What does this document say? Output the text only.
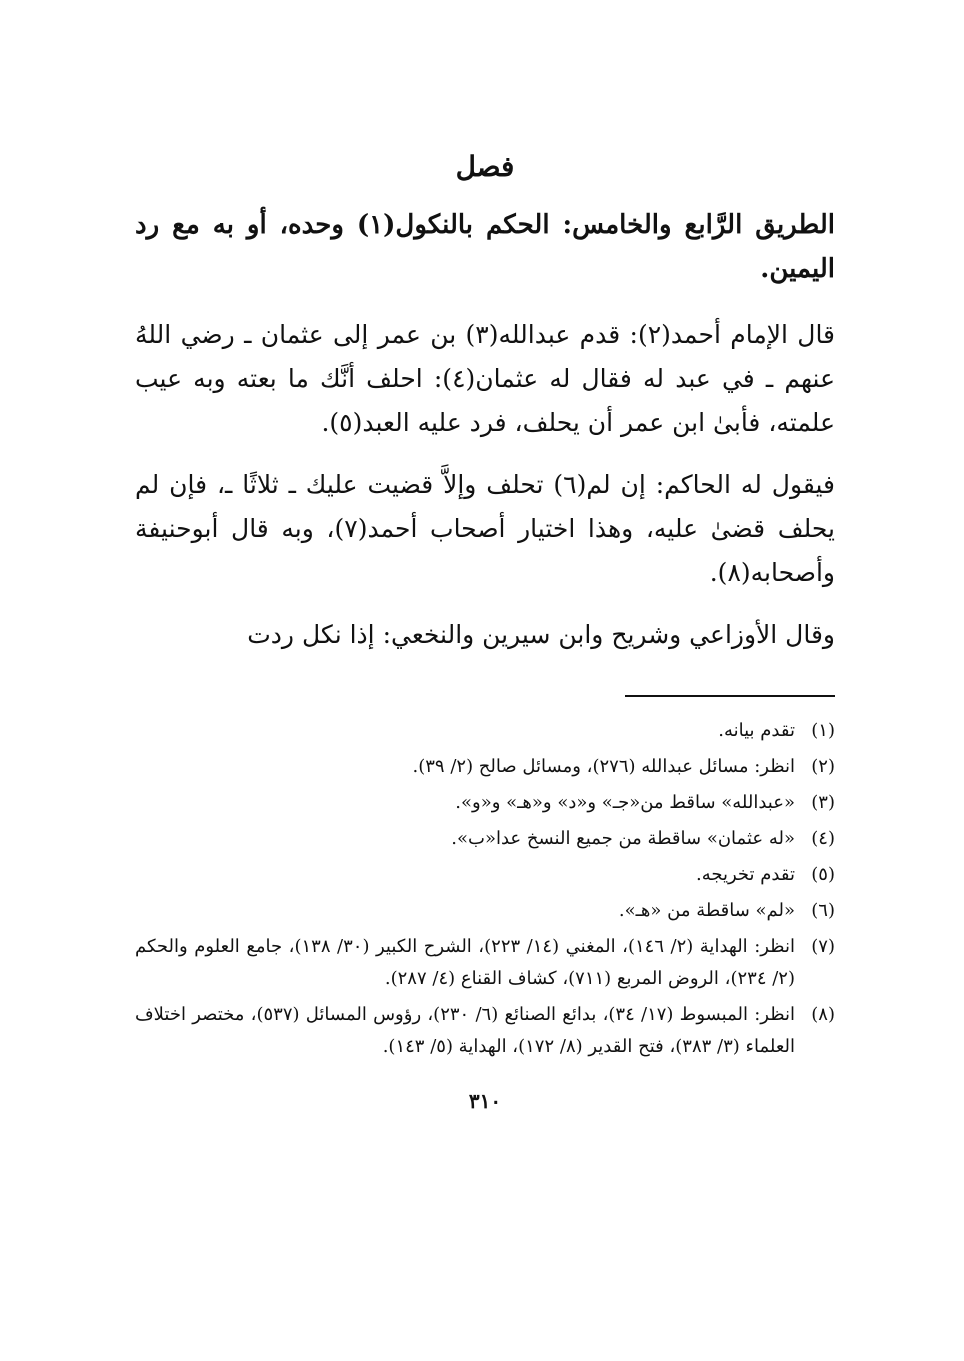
فصل

الطريق الرَّابع والخامس: الحكم بالنكول(١) وحده، أو به مع رد اليمين.

قال الإمام أحمد(٢): قدم عبدالله(٣) بن عمر إلى عثمان ـ رضي اللهُ عنهم ـ في عبد له فقال له عثمان(٤): احلف أنَّك ما بعته وبه عيب علمته، فأبىٰ ابن عمر أن يحلف، فرد عليه العبد(٥).

فيقول له الحاكم: إن لم(٦) تحلف وإلاَّ قضيت عليك ـ ثلاثًا ـ، فإن لم يحلف قضىٰ عليه، وهذا اختيار أصحاب أحمد(٧)، وبه قال أبوحنيفة وأصحابه(٨).

وقال الأوزاعي وشريح وابن سيرين والنخعي: إذا نكل ردت

(١)
تقدم بيانه.
(٢)
انظر: مسائل عبدالله (٢٧٦)، ومسائل صالح (٢/ ٣٩).
(٣)
«عبدالله» ساقط من«جـ» و«د» و«هـ» و«و».
(٤)
«له عثمان» ساقطة من جميع النسخ عدا«ب».
(٥)
تقدم تخريجه.
(٦)
«لم» ساقطة من «هـ».
(٧)
انظر: الهداية (٢/ ١٤٦)، المغني (١٤/ ٢٢٣)، الشرح الكبير (٣٠/ ١٣٨)، جامع العلوم والحكم (٢/ ٢٣٤)، الروض المربع (٧١١)، كشاف القناع (٤/ ٢٨٧).
(٨)
انظر: المبسوط (١٧/ ٣٤)، بدائع الصنائع (٦/ ٢٣٠)، رؤوس المسائل (٥٣٧)، مختصر اختلاف العلماء (٣/ ٣٨٣)، فتح القدير (٨/ ١٧٢)، الهداية (٥/ ١٤٣).
٣١٠
